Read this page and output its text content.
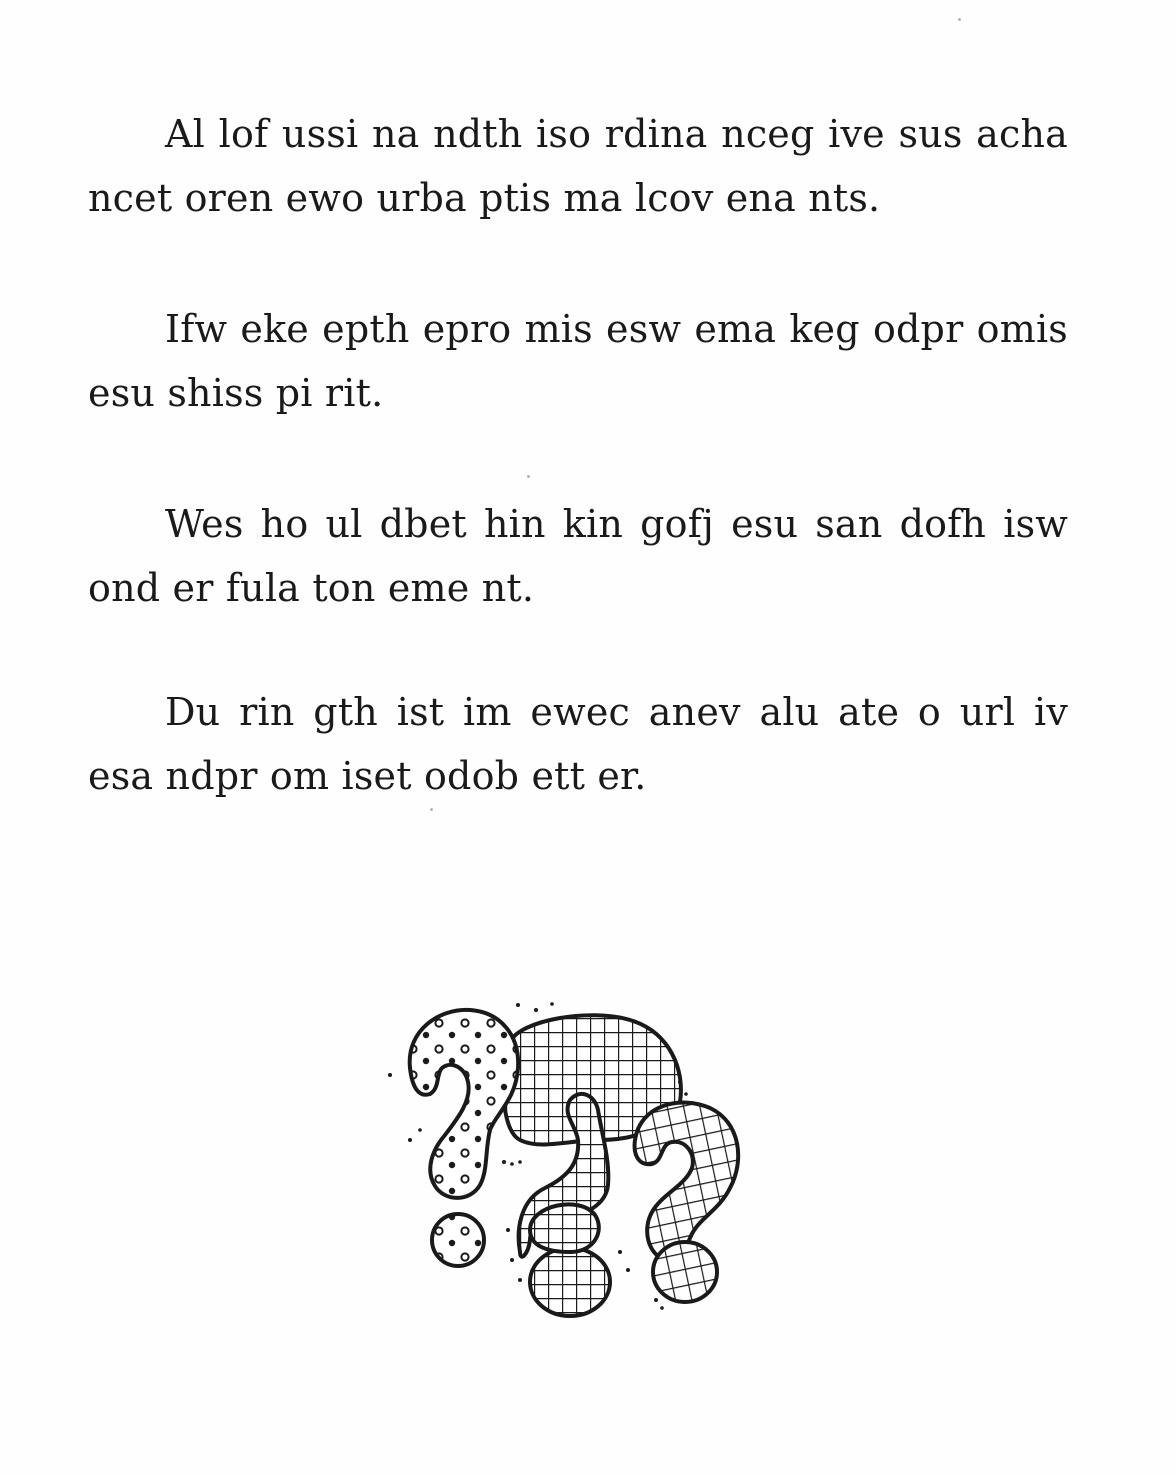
Al lof ussi na ndth iso rdina nceg ive sus acha ncet oren ewo urba ptis ma lcov ena nts.

Ifw eke epth epro mis esw ema keg odpr omis esu shiss pi rit.

Wes ho ul dbet hin kin gofj esu san dofh isw ond er fula ton eme nt.

Du rin gth ist im ewec anev alu ate o url iv esa ndpr om iset odob ett er.
